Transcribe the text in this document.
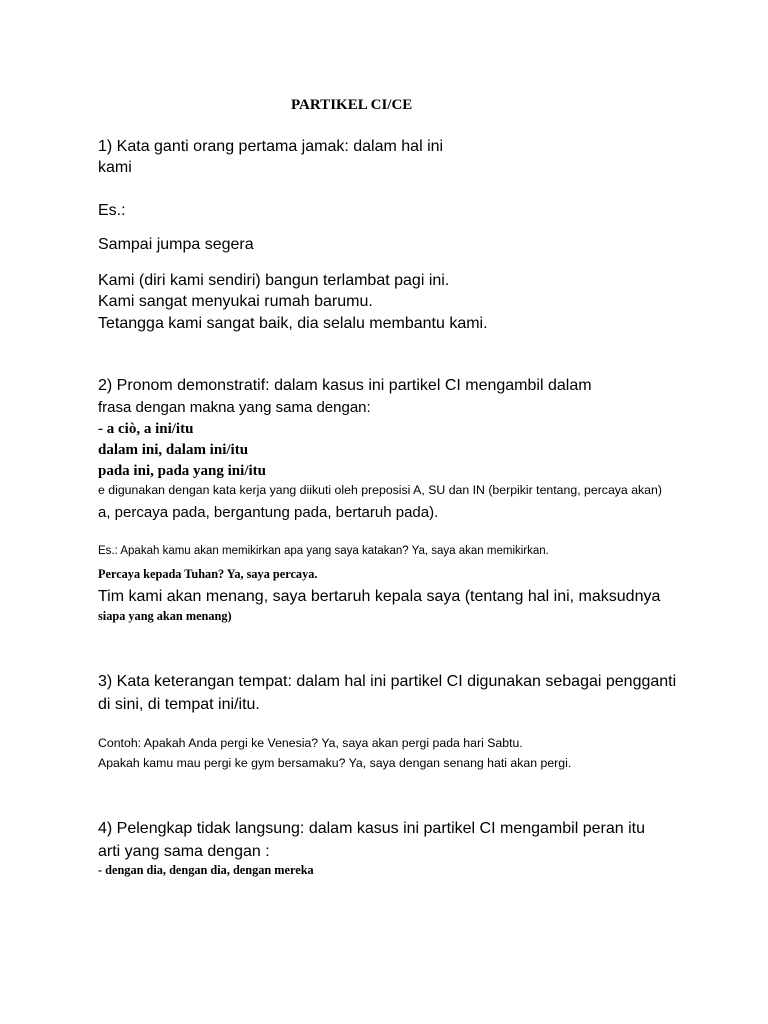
PARTIKEL CI/CE

1) Kata ganti orang pertama jamak: dalam hal ini

kami

Es.:

Sampai jumpa segera

Kami (diri kami sendiri) bangun terlambat pagi ini.

Kami sangat menyukai rumah barumu.

Tetangga kami sangat baik, dia selalu membantu kami.

2) Pronom demonstratif: dalam kasus ini partikel CI mengambil dalam

frasa dengan makna yang sama dengan:

- a ciò, a ini/itu

dalam ini, dalam ini/itu

pada ini, pada yang ini/itu

e digunakan dengan kata kerja yang diikuti oleh preposisi A, SU dan IN (berpikir tentang, percaya akan)

a, percaya pada, bergantung pada, bertaruh pada).

Es.: Apakah kamu akan memikirkan apa yang saya katakan? Ya, saya akan memikirkan.

Percaya kepada Tuhan? Ya, saya percaya.

Tim kami akan menang, saya bertaruh kepala saya (tentang hal ini, maksudnya

siapa yang akan menang)

3) Kata keterangan tempat: dalam hal ini partikel CI digunakan sebagai pengganti

di sini, di tempat ini/itu.

Contoh: Apakah Anda pergi ke Venesia? Ya, saya akan pergi pada hari Sabtu.

Apakah kamu mau pergi ke gym bersamaku? Ya, saya dengan senang hati akan pergi.

4) Pelengkap tidak langsung: dalam kasus ini partikel CI mengambil peran itu

arti yang sama dengan :

- dengan dia, dengan dia, dengan mereka
